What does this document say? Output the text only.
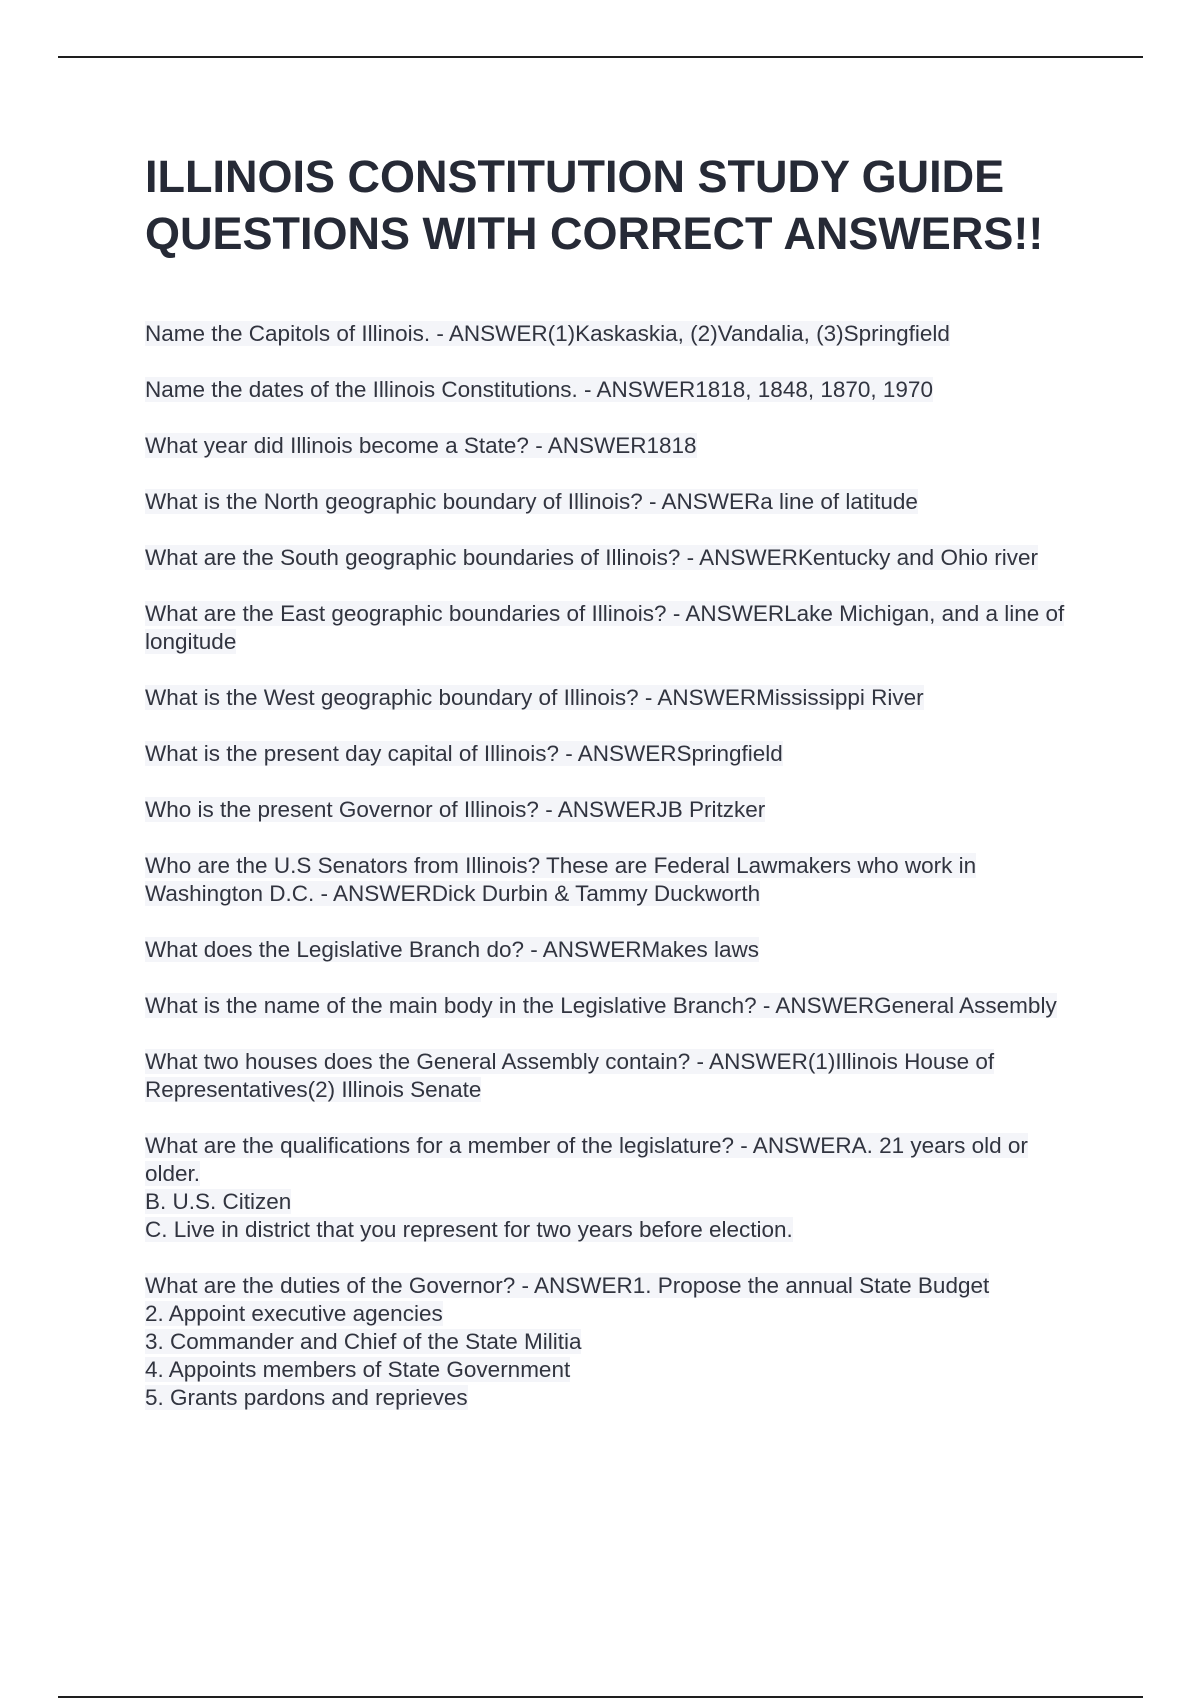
ILLINOIS CONSTITUTION STUDY GUIDE QUESTIONS WITH CORRECT ANSWERS!!

Name the Capitols of Illinois. - ANSWER(1)Kaskaskia, (2)Vandalia, (3)Springfield

Name the dates of the Illinois Constitutions. - ANSWER1818, 1848, 1870, 1970

What year did Illinois become a State? - ANSWER1818

What is the North geographic boundary of Illinois? - ANSWERa line of latitude

What are the South geographic boundaries of Illinois? - ANSWERKentucky and Ohio river

What are the East geographic boundaries of Illinois? - ANSWERLake Michigan, and a line of longitude

What is the West geographic boundary of Illinois? - ANSWERMississippi River

What is the present day capital of Illinois? - ANSWERSpringfield

Who is the present Governor of Illinois? - ANSWERJB Pritzker

Who are the U.S Senators from Illinois? These are Federal Lawmakers who work in Washington D.C. - ANSWERDick Durbin & Tammy Duckworth

What does the Legislative Branch do? - ANSWERMakes laws

What is the name of the main body in the Legislative Branch? - ANSWERGeneral Assembly

What two houses does the General Assembly contain? - ANSWER(1)Illinois House of Representatives(2) Illinois Senate

What are the qualifications for a member of the legislature? - ANSWERA. 21 years old or older.
B. U.S. Citizen
C. Live in district that you represent for two years before election.

What are the duties of the Governor? - ANSWER1. Propose the annual State Budget
2. Appoint executive agencies
3. Commander and Chief of the State Militia
4. Appoints members of State Government
5. Grants pardons and reprieves
